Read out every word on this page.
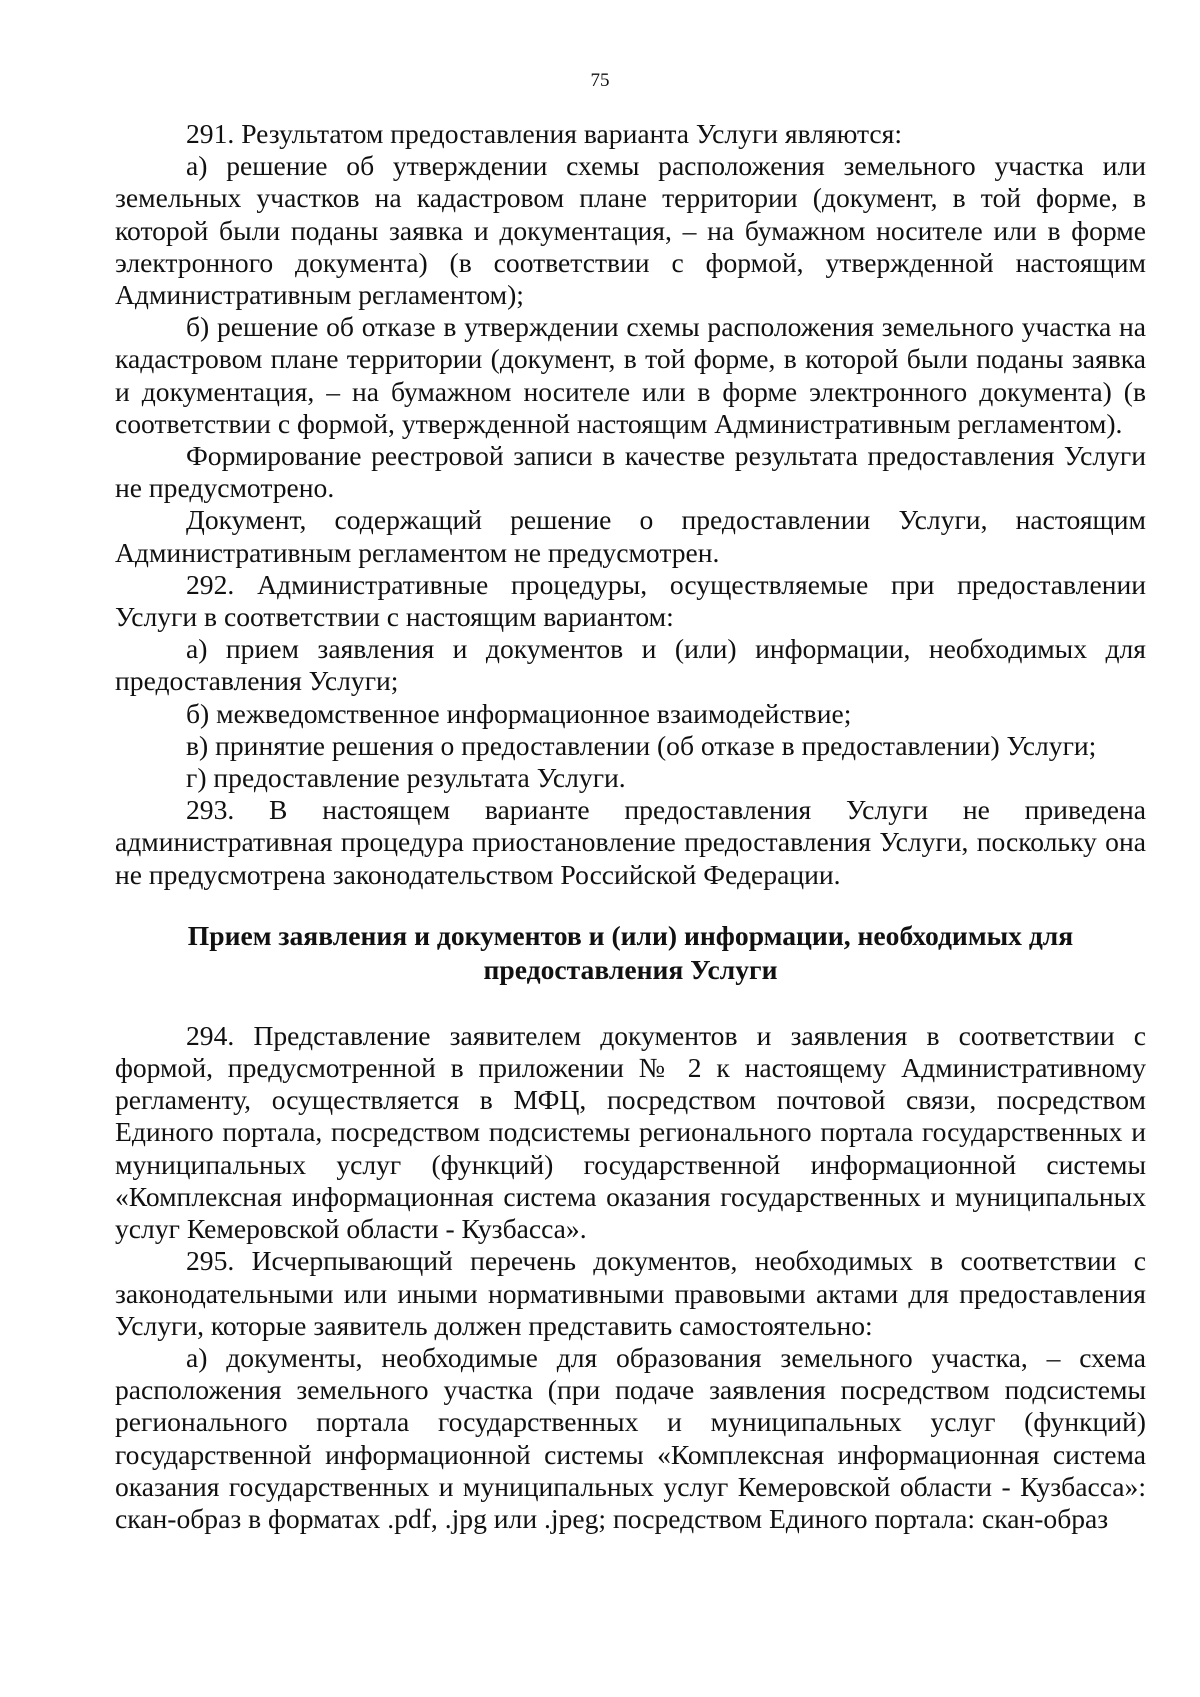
75

291. Результатом предоставления варианта Услуги являются:

а) решение об утверждении схемы расположения земельного участка или земельных участков на кадастровом плане территории (документ, в той форме, в которой были поданы заявка и документация, – на бумажном носителе или в форме электронного документа) (в соответствии с формой, утвержденной настоящим Административным регламентом);

б) решение об отказе в утверждении схемы расположения земельного участка на кадастровом плане территории (документ, в той форме, в которой были поданы заявка и документация, – на бумажном носителе или в форме электронного документа) (в соответствии с формой, утвержденной настоящим Административным регламентом).

Формирование реестровой записи в качестве результата предоставления Услуги не предусмотрено.

Документ, содержащий решение о предоставлении Услуги, настоящим Административным регламентом не предусмотрен.

292. Административные процедуры, осуществляемые при предоставлении Услуги в соответствии с настоящим вариантом:

а) прием заявления и документов и (или) информации, необходимых для предоставления Услуги;

б) межведомственное информационное взаимодействие;

в) принятие решения о предоставлении (об отказе в предоставлении) Услуги;

г) предоставление результата Услуги.

293. В настоящем варианте предоставления Услуги не приведена административная процедура приостановление предоставления Услуги, поскольку она не предусмотрена законодательством Российской Федерации.

Прием заявления и документов и (или) информации, необходимых для предоставления Услуги

294. Представление заявителем документов и заявления в соответствии с формой, предусмотренной в приложении № 2 к настоящему Административному регламенту, осуществляется в МФЦ, посредством почтовой связи, посредством Единого портала, посредством подсистемы регионального портала государственных и муниципальных услуг (функций) государственной информационной системы «Комплексная информационная система оказания государственных и муниципальных услуг Кемеровской области - Кузбасса».

295. Исчерпывающий перечень документов, необходимых в соответствии с законодательными или иными нормативными правовыми актами для предоставления Услуги, которые заявитель должен представить самостоятельно:

а) документы, необходимые для образования земельного участка, – схема расположения земельного участка (при подаче заявления посредством подсистемы регионального портала государственных и муниципальных услуг (функций) государственной информационной системы «Комплексная информационная система оказания государственных и муниципальных услуг Кемеровской области - Кузбасса»: скан-образ в форматах .pdf, .jpg или .jpeg; посредством Единого портала: скан-образ
